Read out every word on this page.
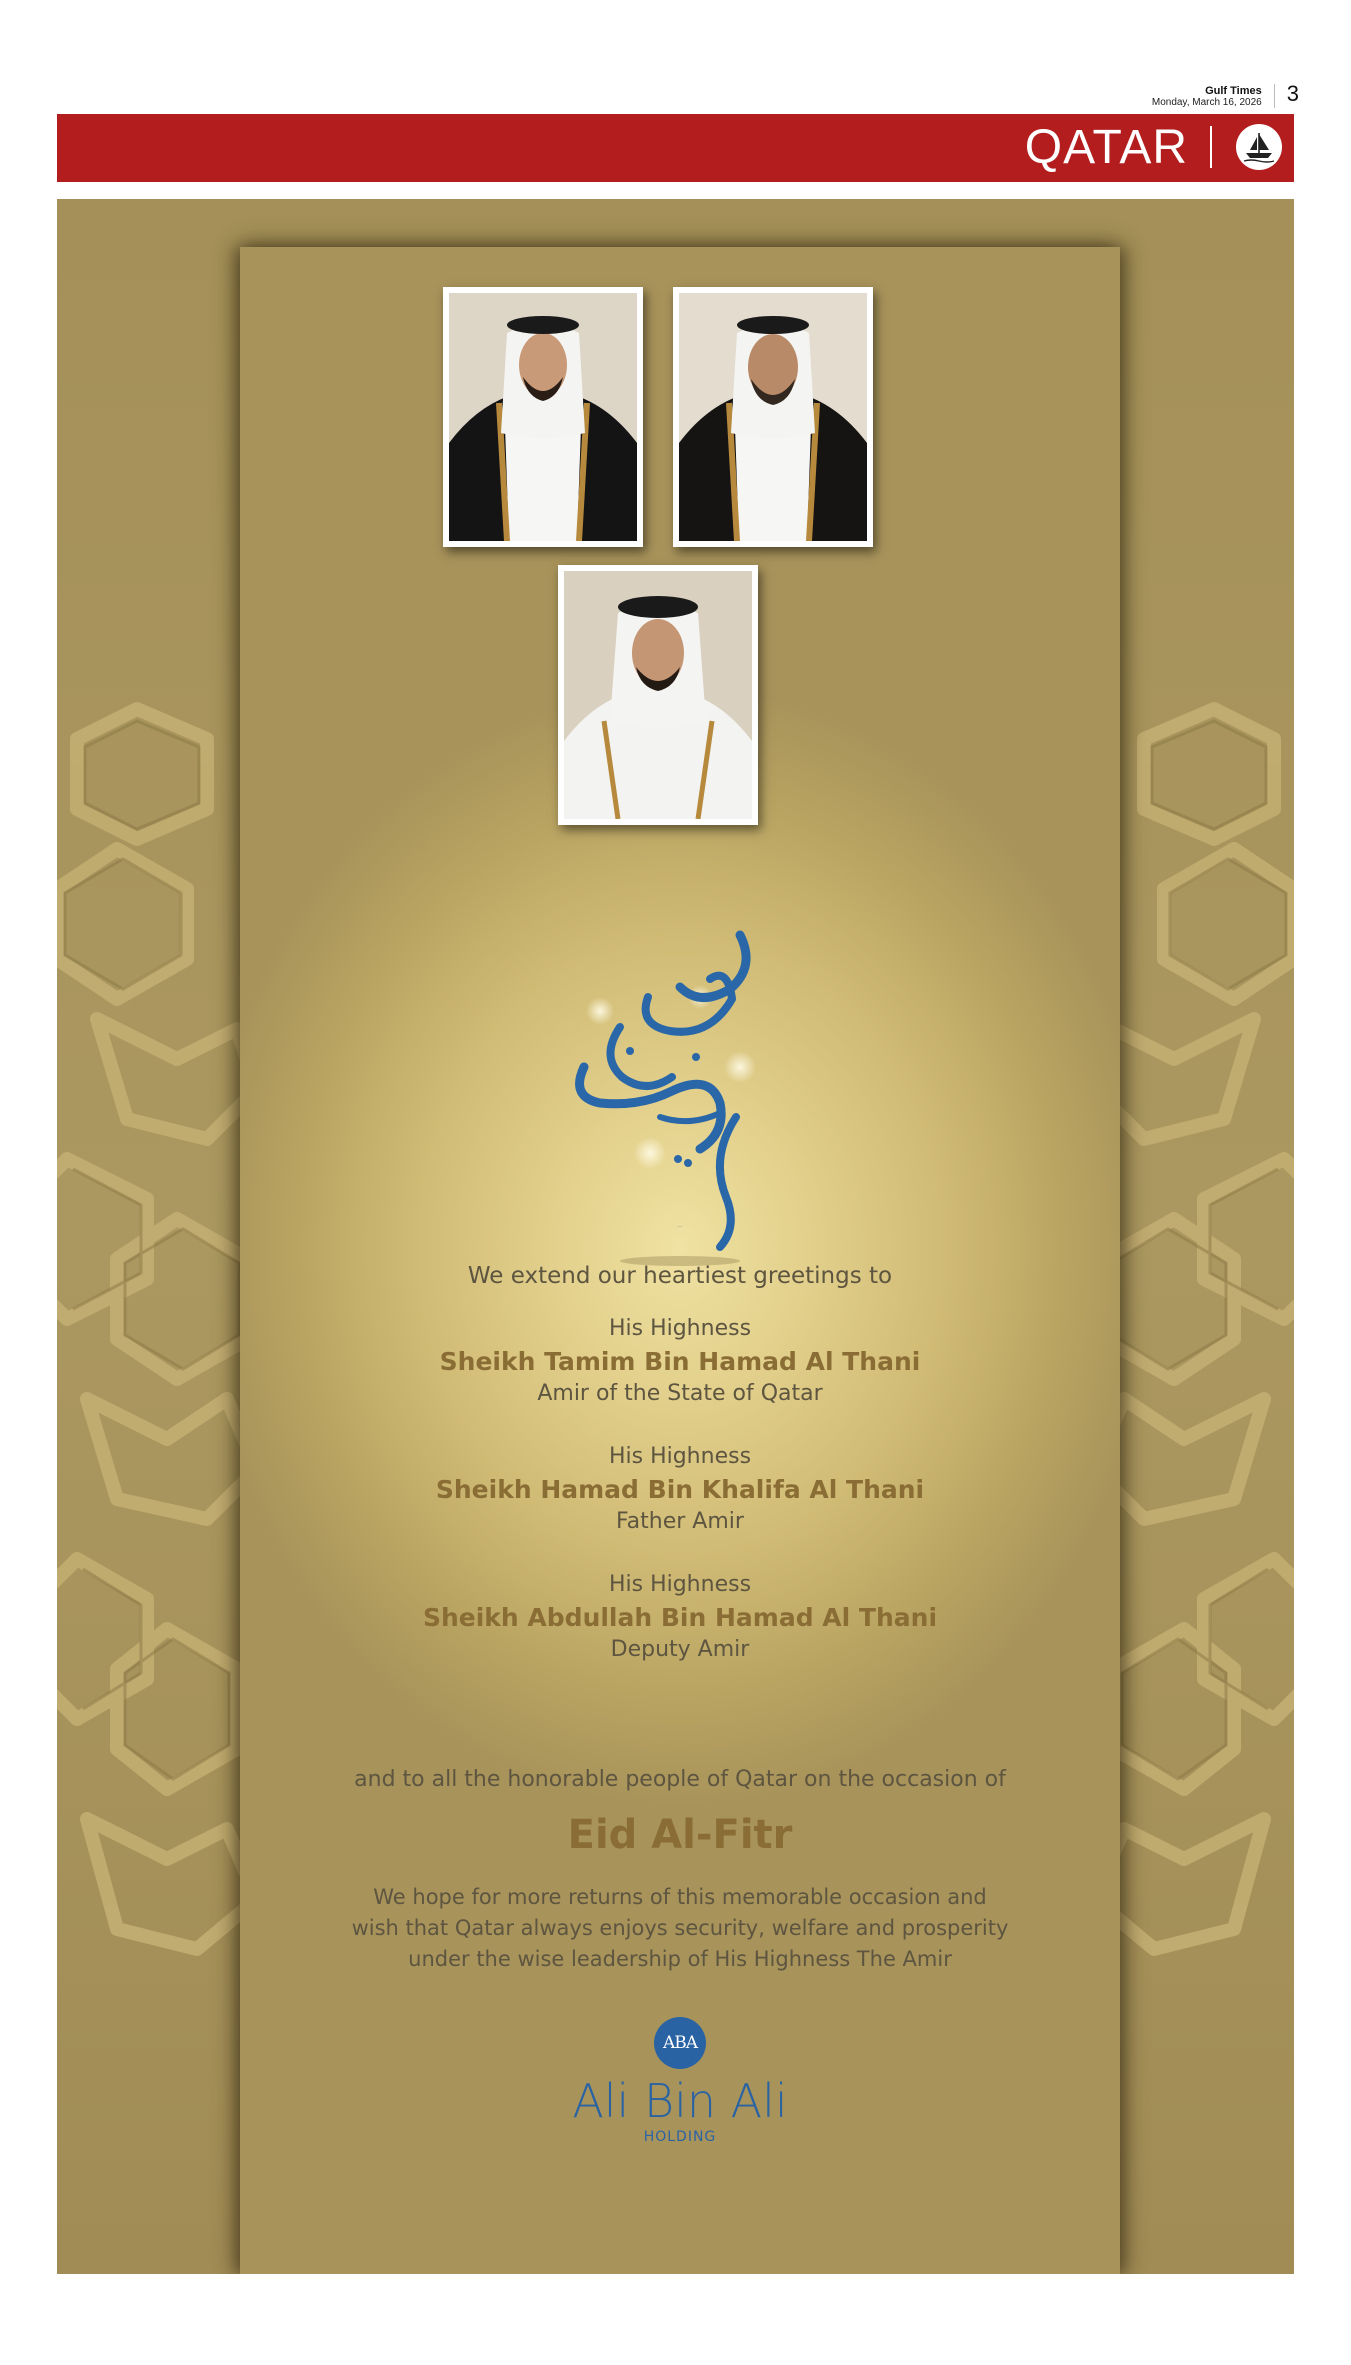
Gulf Times
Monday, March 16, 2026 3
QATAR
عيدكم مبارك
We extend our heartiest greetings to
His Highness
Sheikh Tamim Bin Hamad Al Thani
Amir of the State of Qatar
His Highness
Sheikh Hamad Bin Khalifa Al Thani
Father Amir
His Highness
Sheikh Abdullah Bin Hamad Al Thani
Deputy Amir
and to all the honorable people of Qatar on the occasion of
Eid Al-Fitr
We hope for more returns of this memorable occasion and
wish that Qatar always enjoys security, welfare and prosperity
under the wise leadership of His Highness The Amir
ABA
Ali Bin Ali
HOLDING
